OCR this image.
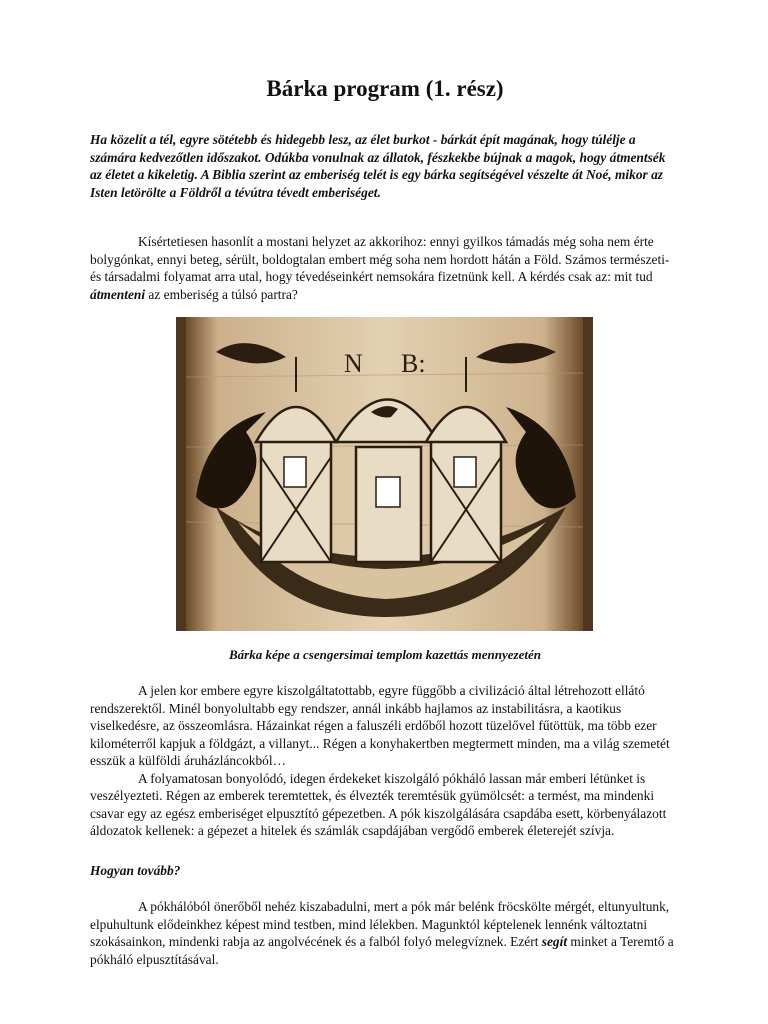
Bárka program (1. rész)

Ha közelít a tél, egyre sötétebb és hidegebb lesz, az élet burkot - bárkát épít magának, hogy túlélje a számára kedvezőtlen időszakot. Odúkba vonulnak az állatok, fészkekbe bújnak a magok, hogy átmentsék az életet a kikeletig. A Biblia szerint az emberiség telét is egy bárka segítségével vészelte át Noé, mikor az Isten letörölte a Földről a tévútra tévedt emberiséget.

Kísértetiesen hasonlít a mostani helyzet az akkorihoz: ennyi gyilkos támadás még soha nem érte bolygónkat, ennyi beteg, sérült, boldogtalan embert még soha nem hordott hátán a Föld. Számos természeti- és társadalmi folyamat arra utal, hogy tévedéseinkért nemsokára fizetnünk kell. A kérdés csak az: mit tud átmenteni az emberiség a túlsó partra?

N B:

Bárka képe a csengersimai templom kazettás mennyezetén

A jelen kor embere egyre kiszolgáltatottabb, egyre függőbb a civilizáció által létrehozott ellátó rendszerektől. Minél bonyolultabb egy rendszer, annál inkább hajlamos az instabilitásra, a kaotikus viselkedésre, az összeomlásra. Házainkat régen a faluszéli erdőből hozott tüzelővel fűtöttük, ma több ezer kilométerről kapjuk a földgázt, a villanyt... Régen a konyhakertben megtermett minden, ma a világ szemetét esszük a külföldi áruházláncokból…

A folyamatosan bonyolódó, idegen érdekeket kiszolgáló pókháló lassan már emberi létünket is veszélyezteti. Régen az emberek teremtettek, és élvezték teremtésük gyümölcsét: a termést, ma mindenki csavar egy az egész emberiséget elpusztító gépezetben. A pók kiszolgálására csapdába esett, körbenyálazott áldozatok kellenek: a gépezet a hitelek és számlák csapdájában vergődő emberek életerejét szívja.

Hogyan tovább?

A pókhálóból önerőből nehéz kiszabadulni, mert a pók már belénk fröcskölte mérgét, eltunyultunk, elpuhultunk elődeinkhez képest mind testben, mind lélekben. Magunktól képtelenek lennénk változtatni szokásainkon, mindenki rabja az angolvécének és a falból folyó melegvíznek. Ezért segít minket a Teremtő a pókháló elpusztításával.
